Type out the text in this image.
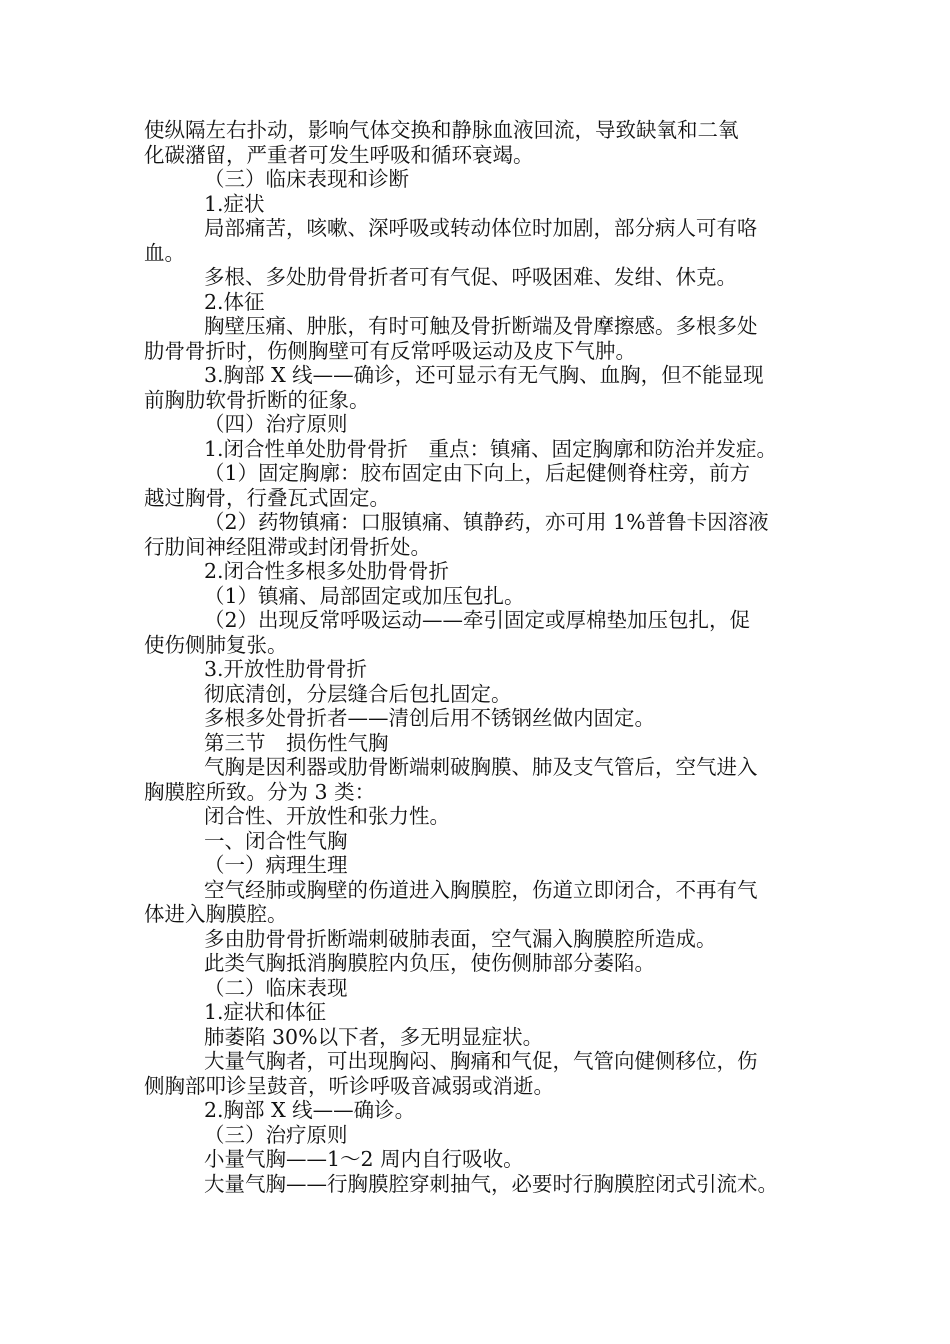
使纵隔左右扑动，影响气体交换和静脉血液回流，导致缺氧和二氧
化碳潴留，严重者可发生呼吸和循环衰竭。
（三）临床表现和诊断
1.症状
局部痛苦，咳嗽、深呼吸或转动体位时加剧，部分病人可有咯
血。
多根、多处肋骨骨折者可有气促、呼吸困难、发绀、休克。
2.体征
胸壁压痛、肿胀，有时可触及骨折断端及骨摩擦感。多根多处
肋骨骨折时，伤侧胸壁可有反常呼吸运动及皮下气肿。
3.胸部 X 线——确诊，还可显示有无气胸、血胸，但不能显现
前胸肋软骨折断的征象。
（四）治疗原则
1.闭合性单处肋骨骨折　重点：镇痛、固定胸廓和防治并发症。
（1）固定胸廓：胶布固定由下向上，后起健侧脊柱旁，前方
越过胸骨，行叠瓦式固定。
（2）药物镇痛：口服镇痛、镇静药，亦可用 1%普鲁卡因溶液
行肋间神经阻滞或封闭骨折处。
2.闭合性多根多处肋骨骨折
（1）镇痛、局部固定或加压包扎。
（2）出现反常呼吸运动——牵引固定或厚棉垫加压包扎，促
使伤侧肺复张。
3.开放性肋骨骨折
彻底清创，分层缝合后包扎固定。
多根多处骨折者——清创后用不锈钢丝做内固定。
第三节　损伤性气胸
气胸是因利器或肋骨断端刺破胸膜、肺及支气管后，空气进入
胸膜腔所致。分为 3 类：
闭合性、开放性和张力性。
一、闭合性气胸
（一）病理生理
空气经肺或胸壁的伤道进入胸膜腔，伤道立即闭合，不再有气
体进入胸膜腔。
多由肋骨骨折断端刺破肺表面，空气漏入胸膜腔所造成。
此类气胸抵消胸膜腔内负压，使伤侧肺部分萎陷。
（二）临床表现
1.症状和体征
肺萎陷 30%以下者，多无明显症状。
大量气胸者，可出现胸闷、胸痛和气促，气管向健侧移位，伤
侧胸部叩诊呈鼓音，听诊呼吸音减弱或消逝。
2.胸部 X 线——确诊。
（三）治疗原则
小量气胸——1～2 周内自行吸收。
大量气胸——行胸膜腔穿刺抽气，必要时行胸膜腔闭式引流术。
